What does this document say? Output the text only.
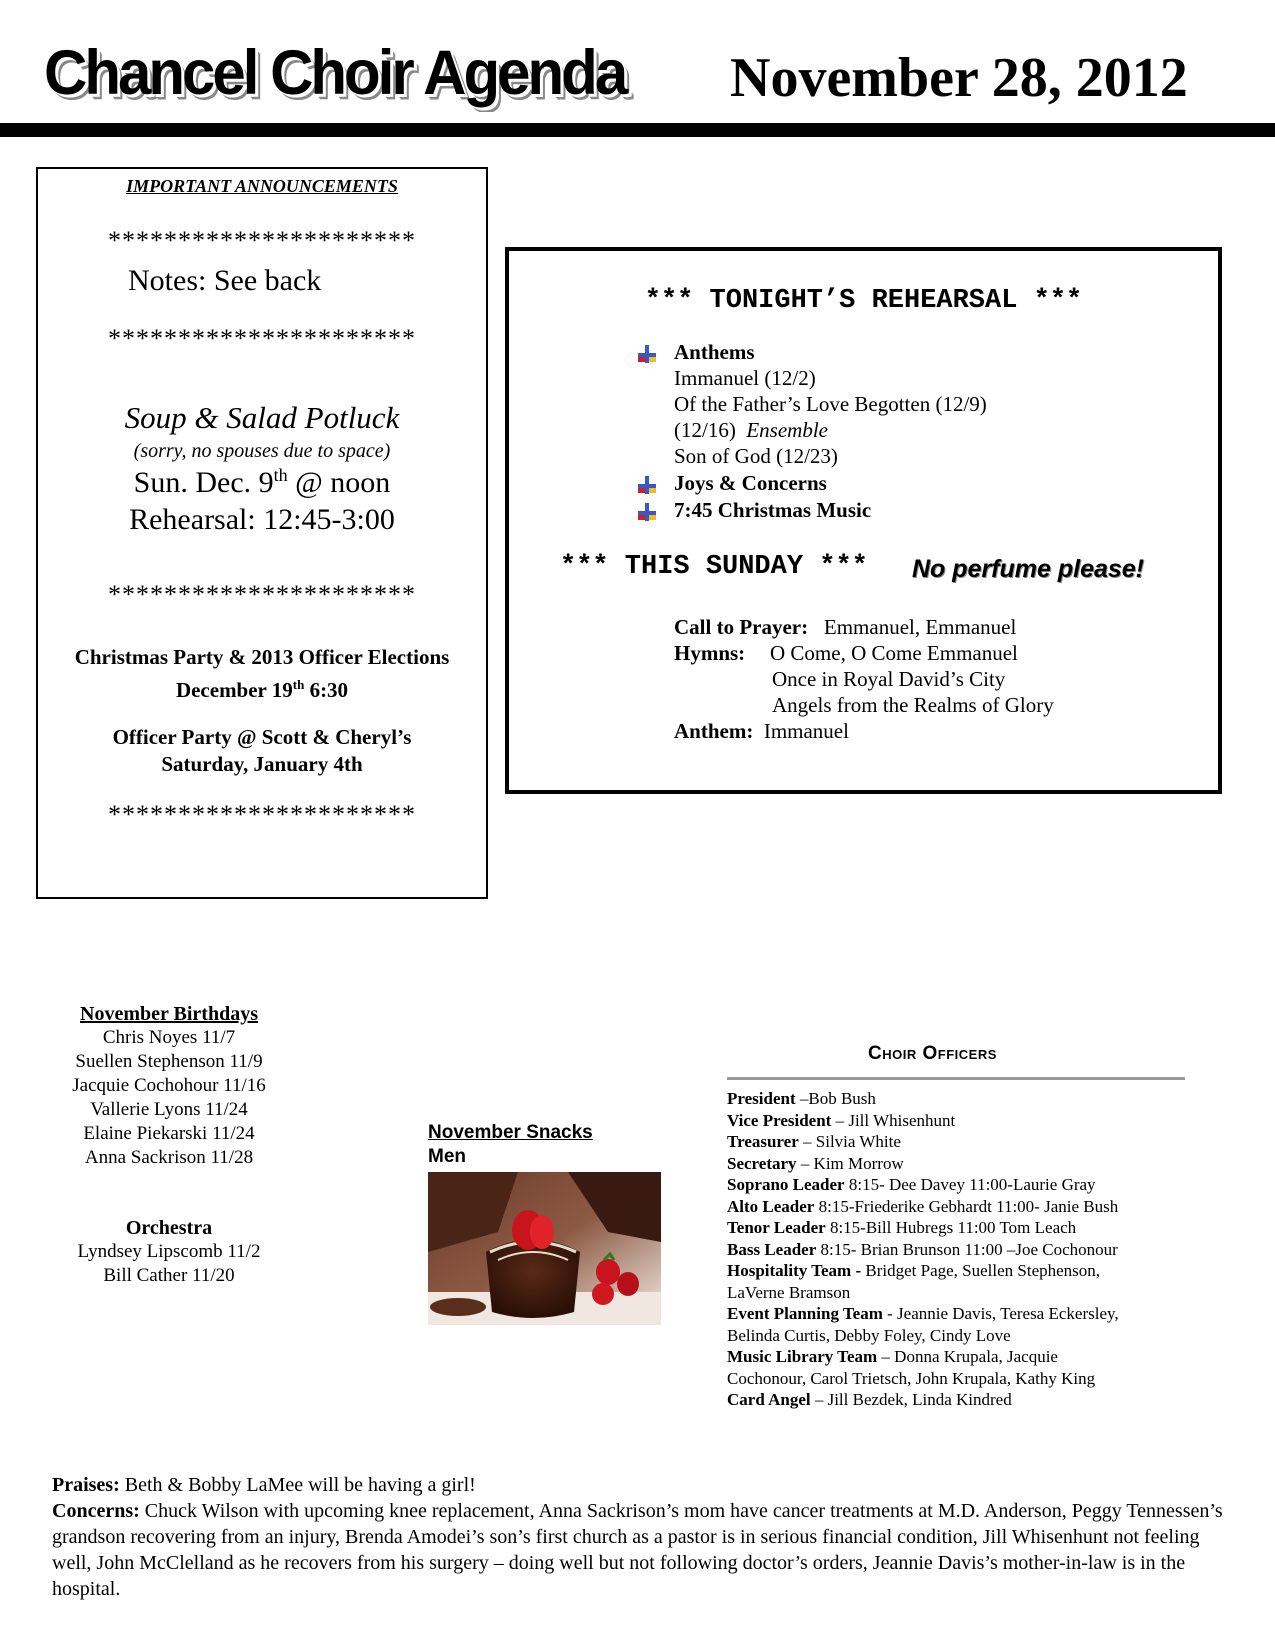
Chancel Choir Agenda November 28, 2012
IMPORTANT ANNOUNCEMENTS
**********************
Notes: See back
**********************
Soup & Salad Potluck
(sorry, no spouses due to space)
Sun. Dec. 9th @ noon
Rehearsal: 12:45-3:00
**********************
Christmas Party & 2013 Officer Elections
December 19th 6:30
Officer Party @ Scott & Cheryl’s
Saturday, January 4th
**********************
*** TONIGHT’S REHEARSAL ***
Anthems
Immanuel (12/2)
Of the Father’s Love Begotten (12/9)
(12/16) Ensemble
Son of God (12/23)
Joys & Concerns
7:45 Christmas Music
*** THIS SUNDAY *** No perfume please!
Call to Prayer: Emmanuel, Emmanuel
Hymns: O Come, O Come Emmanuel
Once in Royal David’s City
Angels from the Realms of Glory
Anthem: Immanuel
November Birthdays
Chris Noyes 11/7
Suellen Stephenson 11/9
Jacquie Cochohour 11/16
Vallerie Lyons 11/24
Elaine Piekarski 11/24
Anna Sackrison 11/28
Orchestra
Lyndsey Lipscomb 11/2
Bill Cather 11/20
November Snacks
Men
Choir Officers
President –Bob Bush
Vice President – Jill Whisenhunt
Treasurer – Silvia White
Secretary – Kim Morrow
Soprano Leader 8:15- Dee Davey 11:00-Laurie Gray
Alto Leader 8:15-Friederike Gebhardt 11:00- Janie Bush
Tenor Leader 8:15-Bill Hubregs 11:00 Tom Leach
Bass Leader 8:15- Brian Brunson 11:00 –Joe Cochonour
Hospitality Team - Bridget Page, Suellen Stephenson,
LaVerne Bramson
Event Planning Team - Jeannie Davis, Teresa Eckersley,
Belinda Curtis, Debby Foley, Cindy Love
Music Library Team – Donna Krupala, Jacquie
Cochonour, Carol Trietsch, John Krupala, Kathy King
Card Angel – Jill Bezdek, Linda Kindred
Praises: Beth & Bobby LaMee will be having a girl!
Concerns: Chuck Wilson with upcoming knee replacement, Anna Sackrison’s mom have cancer treatments at M.D. Anderson, Peggy Tennessen’s grandson recovering from an injury, Brenda Amodei’s son’s first church as a pastor is in serious financial condition, Jill Whisenhunt not feeling well, John McClelland as he recovers from his surgery – doing well but not following doctor’s orders, Jeannie Davis’s mother-in-law is in the hospital.
